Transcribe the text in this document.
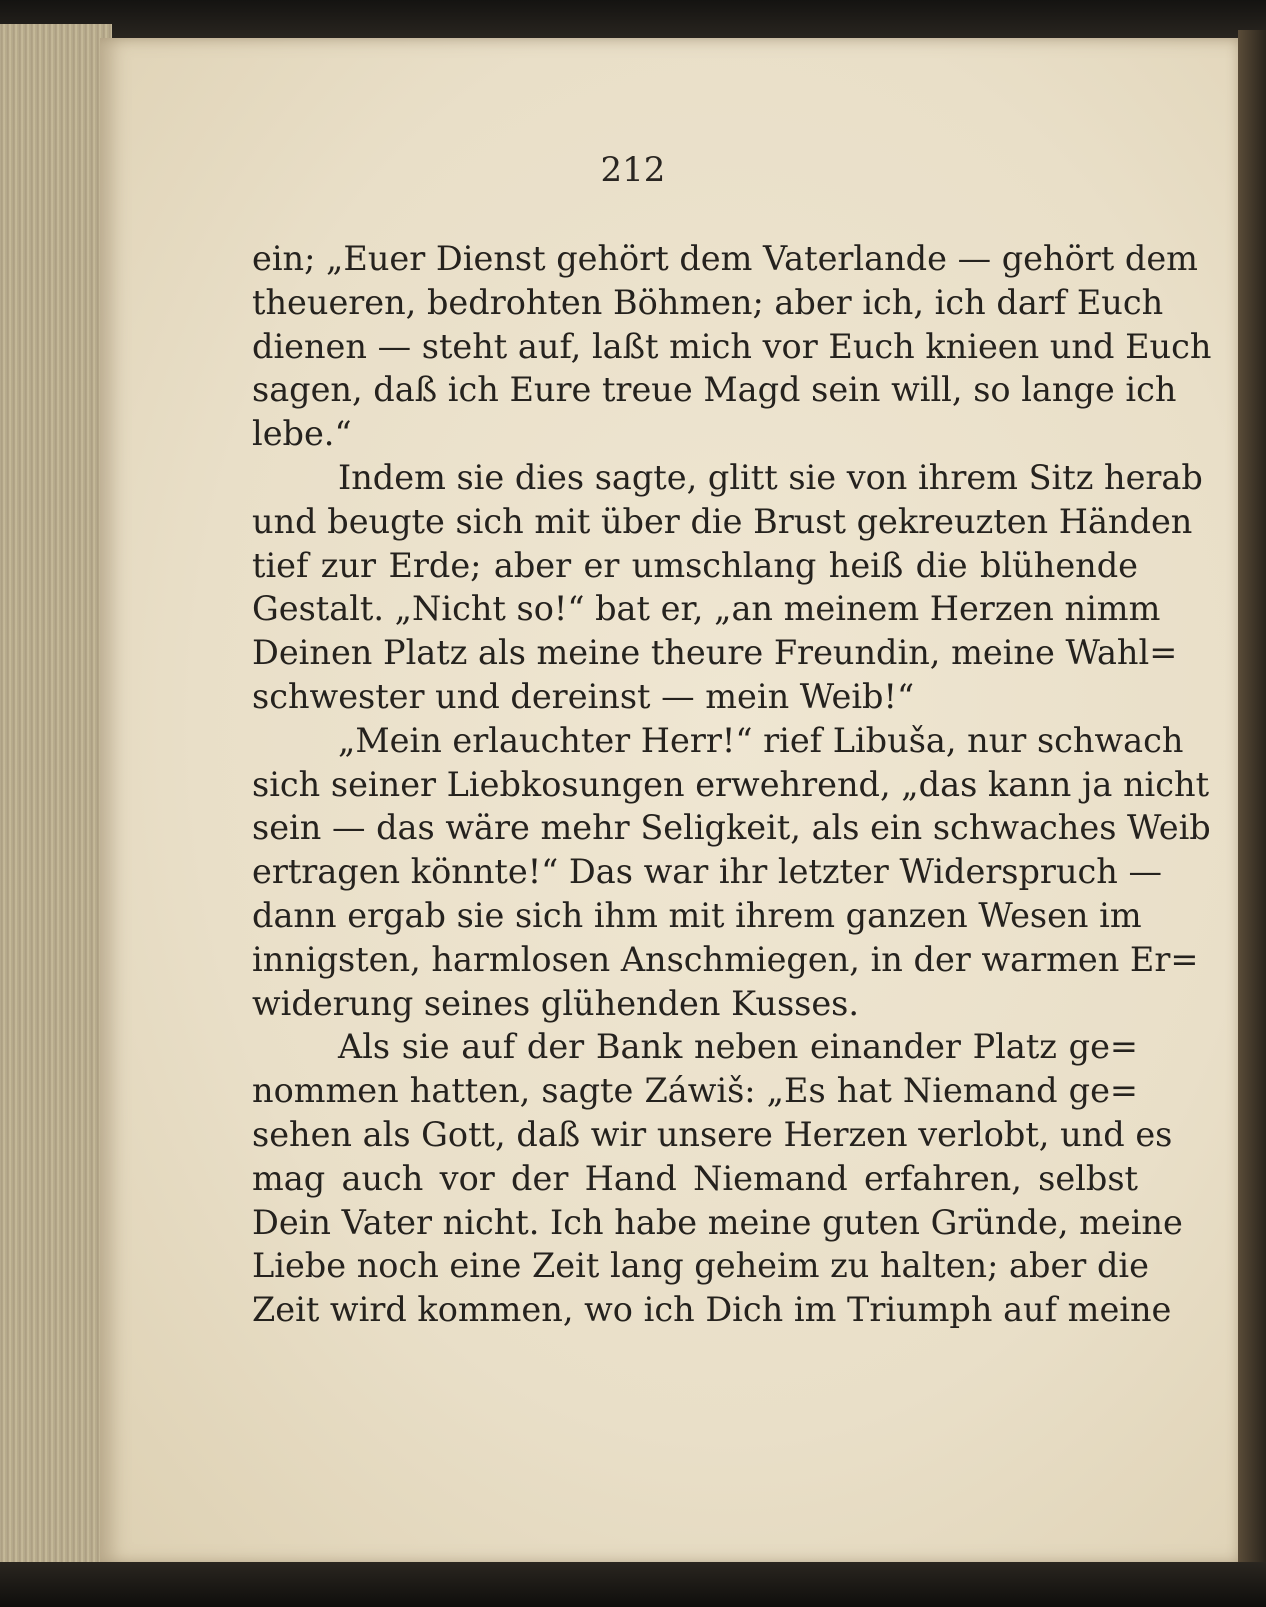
212

ein; „Euer Dienst gehört dem Vaterlande — gehört dem
theueren, bedrohten Böhmen; aber ich, ich darf Euch
dienen — steht auf, laßt mich vor Euch knieen und Euch
sagen, daß ich Eure treue Magd sein will, so lange ich
lebe.“
Indem sie dies sagte, glitt sie von ihrem Sitz herab
und beugte sich mit über die Brust gekreuzten Händen
tief zur Erde; aber er umschlang heiß die blühende
Gestalt. „Nicht so!“ bat er, „an meinem Herzen nimm
Deinen Platz als meine theure Freundin, meine Wahl=
schwester und dereinst — mein Weib!“
„Mein erlauchter Herr!“ rief Libuša, nur schwach
sich seiner Liebkosungen erwehrend, „das kann ja nicht
sein — das wäre mehr Seligkeit, als ein schwaches Weib
ertragen könnte!“ Das war ihr letzter Widerspruch —
dann ergab sie sich ihm mit ihrem ganzen Wesen im
innigsten, harmlosen Anschmiegen, in der warmen Er=
widerung seines glühenden Kusses.
Als sie auf der Bank neben einander Platz ge=
nommen hatten, sagte Záwiš: „Es hat Niemand ge=
sehen als Gott, daß wir unsere Herzen verlobt, und es
mag auch vor der Hand Niemand erfahren, selbst
Dein Vater nicht. Ich habe meine guten Gründe, meine
Liebe noch eine Zeit lang geheim zu halten; aber die
Zeit wird kommen, wo ich Dich im Triumph auf meine
